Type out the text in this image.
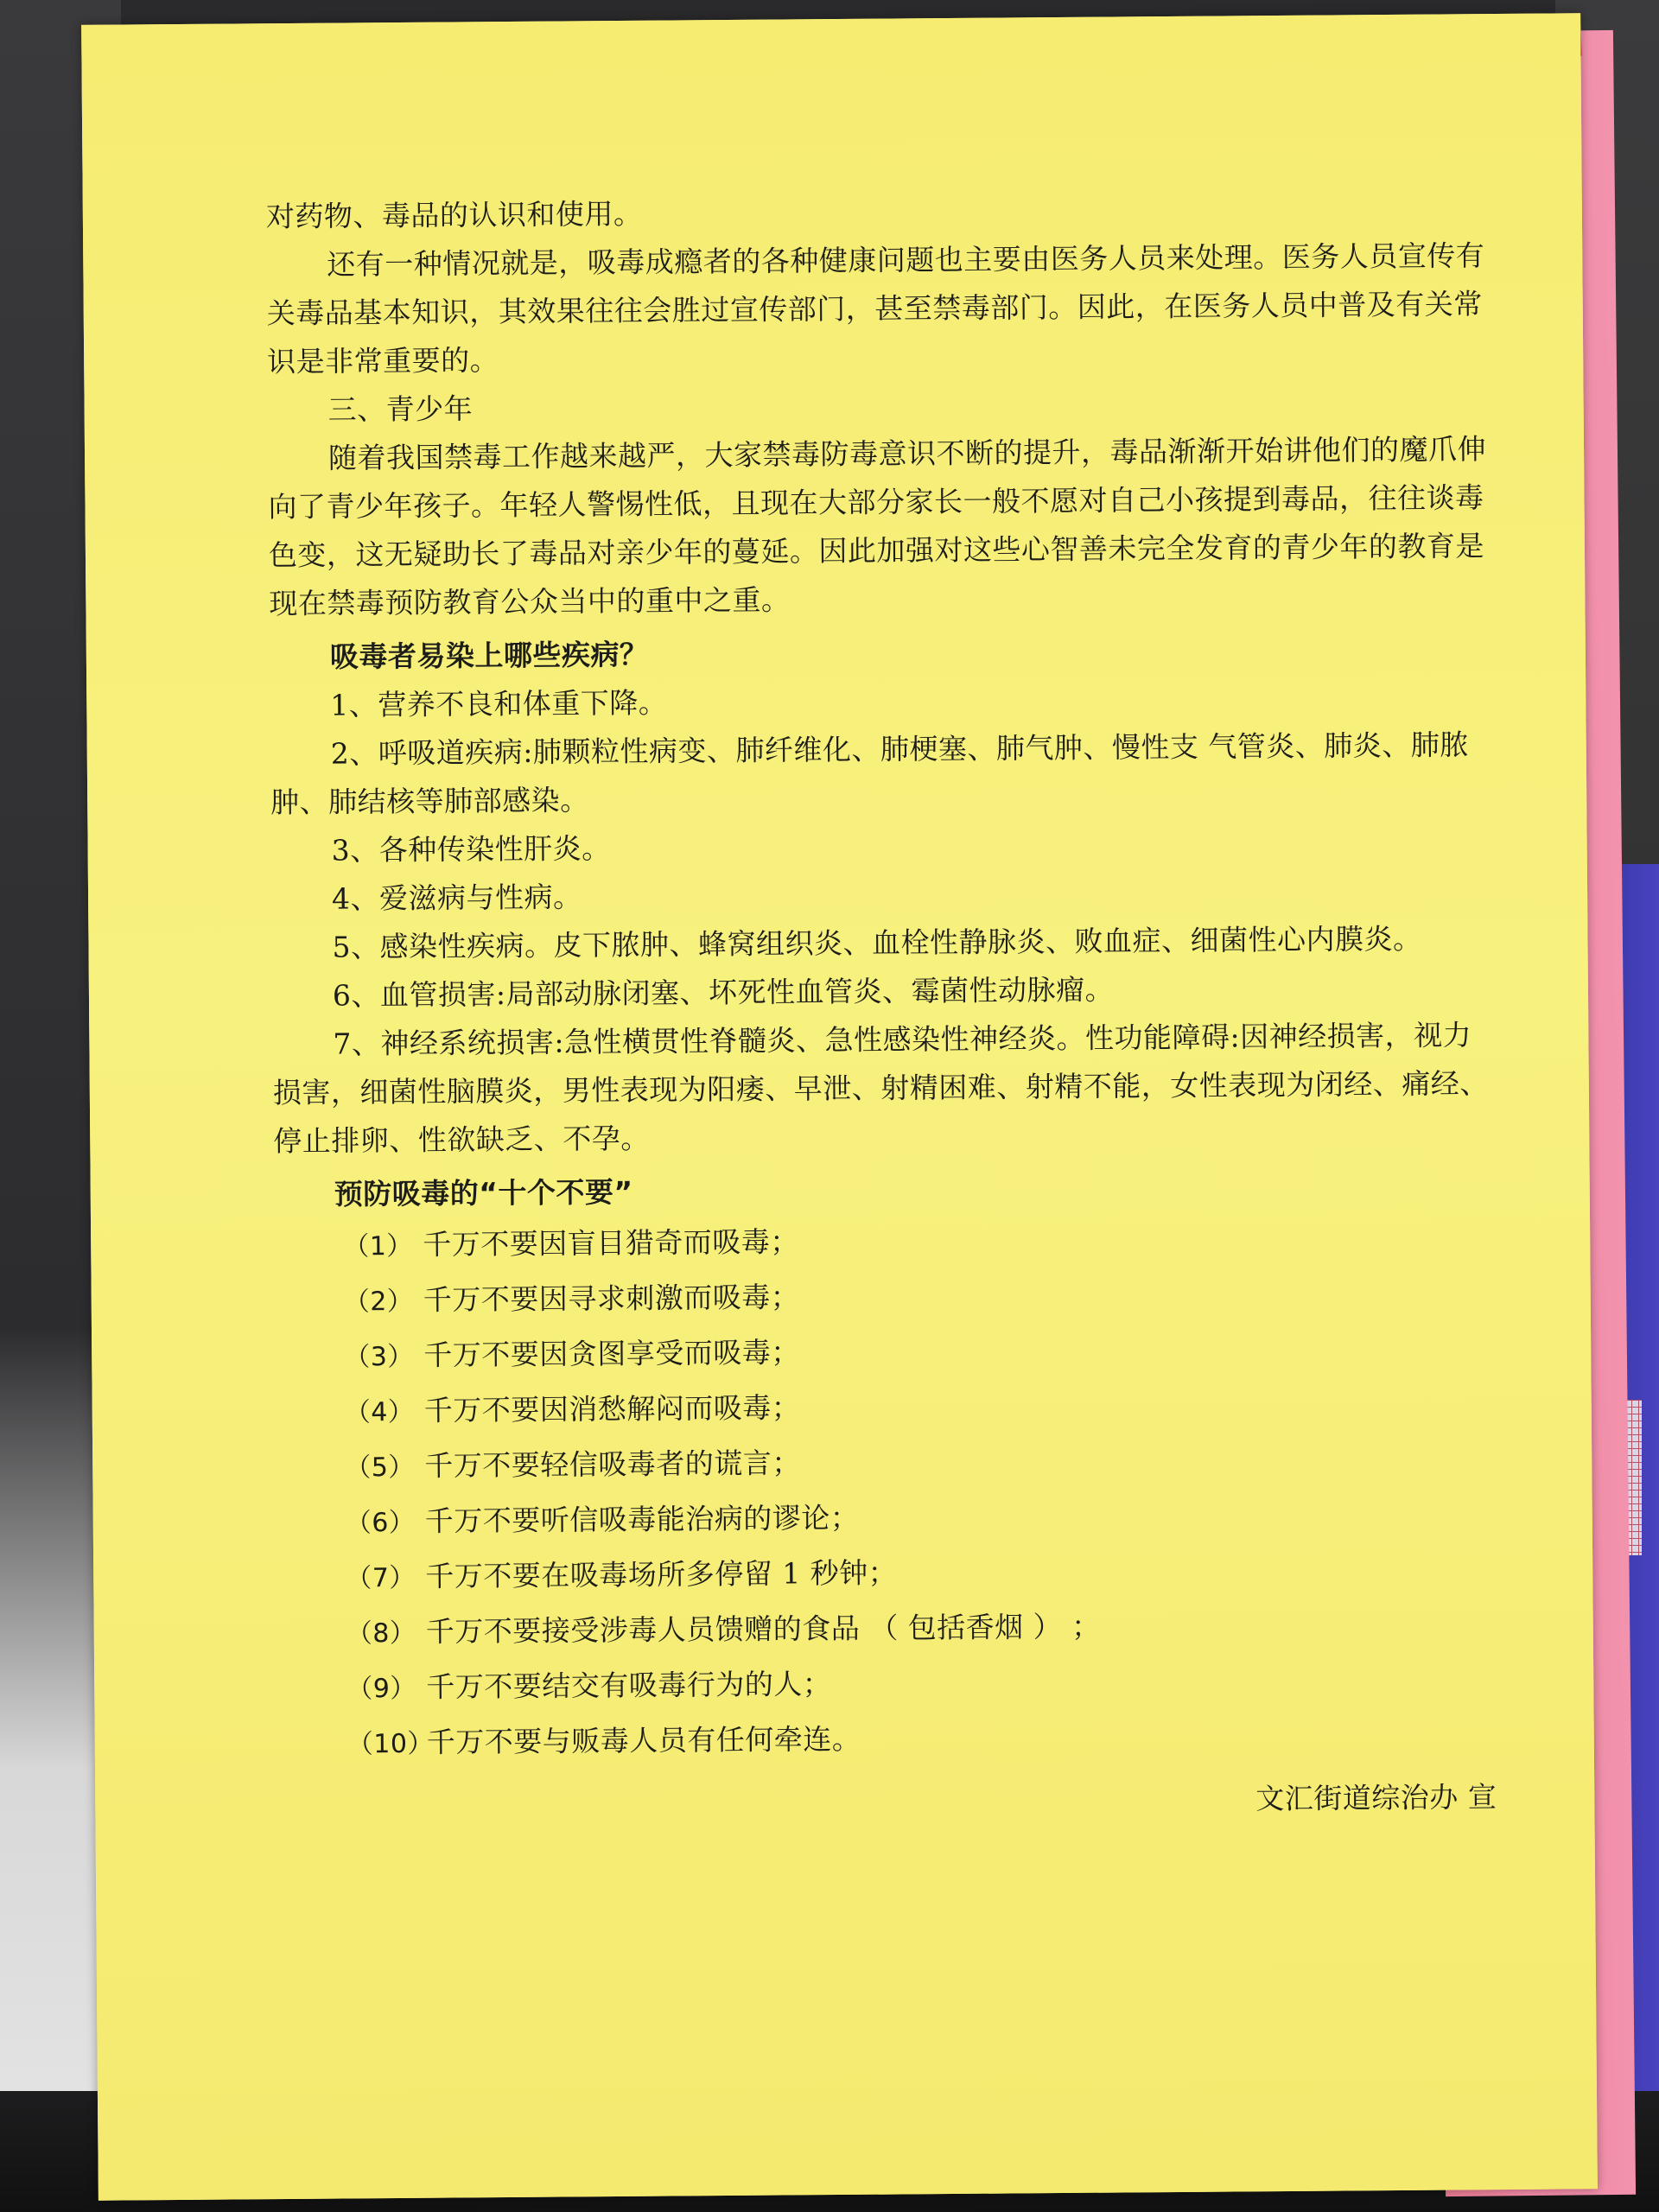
对药物、毒品的认识和使用。

还有一种情况就是，吸毒成瘾者的各种健康问题也主要由医务人员来处理。医务人员宣传有关毒品基本知识，其效果往往会胜过宣传部门，甚至禁毒部门。因此，在医务人员中普及有关常识是非常重要的。

三、青少年

随着我国禁毒工作越来越严，大家禁毒防毒意识不断的提升，毒品渐渐开始讲他们的魔爪伸向了青少年孩子。年轻人警惕性低，且现在大部分家长一般不愿对自己小孩提到毒品，往往谈毒色变，这无疑助长了毒品对亲少年的蔓延。因此加强对这些心智善未完全发育的青少年的教育是现在禁毒预防教育公众当中的重中之重。

吸毒者易染上哪些疾病？

1、营养不良和体重下降。

2、呼吸道疾病:肺颗粒性病变、肺纤维化、肺梗塞、肺气肿、慢性支 气管炎、肺炎、肺脓肿、肺结核等肺部感染。

3、各种传染性肝炎。

4、爱滋病与性病。

5、感染性疾病。皮下脓肿、蜂窝组织炎、血栓性静脉炎、败血症、细菌性心内膜炎。

6、血管损害:局部动脉闭塞、坏死性血管炎、霉菌性动脉瘤。

7、神经系统损害:急性横贯性脊髓炎、急性感染性神经炎。性功能障碍:因神经损害，视力损害，细菌性脑膜炎，男性表现为阳痿、早泄、射精困难、射精不能，女性表现为闭经、痛经、停止排卵、性欲缺乏、不孕。

预防吸毒的“十个不要”

（1） 千万不要因盲目猎奇而吸毒；
（2） 千万不要因寻求刺激而吸毒；
（3） 千万不要因贪图享受而吸毒；
（4） 千万不要因消愁解闷而吸毒；
（5） 千万不要轻信吸毒者的谎言；
（6） 千万不要听信吸毒能治病的谬论；
（7） 千万不要在吸毒场所多停留 1 秒钟；
（8） 千万不要接受涉毒人员馈赠的食品 （ 包括香烟 ） ；
（9） 千万不要结交有吸毒行为的人；
（10）千万不要与贩毒人员有任何牵连。

文汇街道综治办 宣
